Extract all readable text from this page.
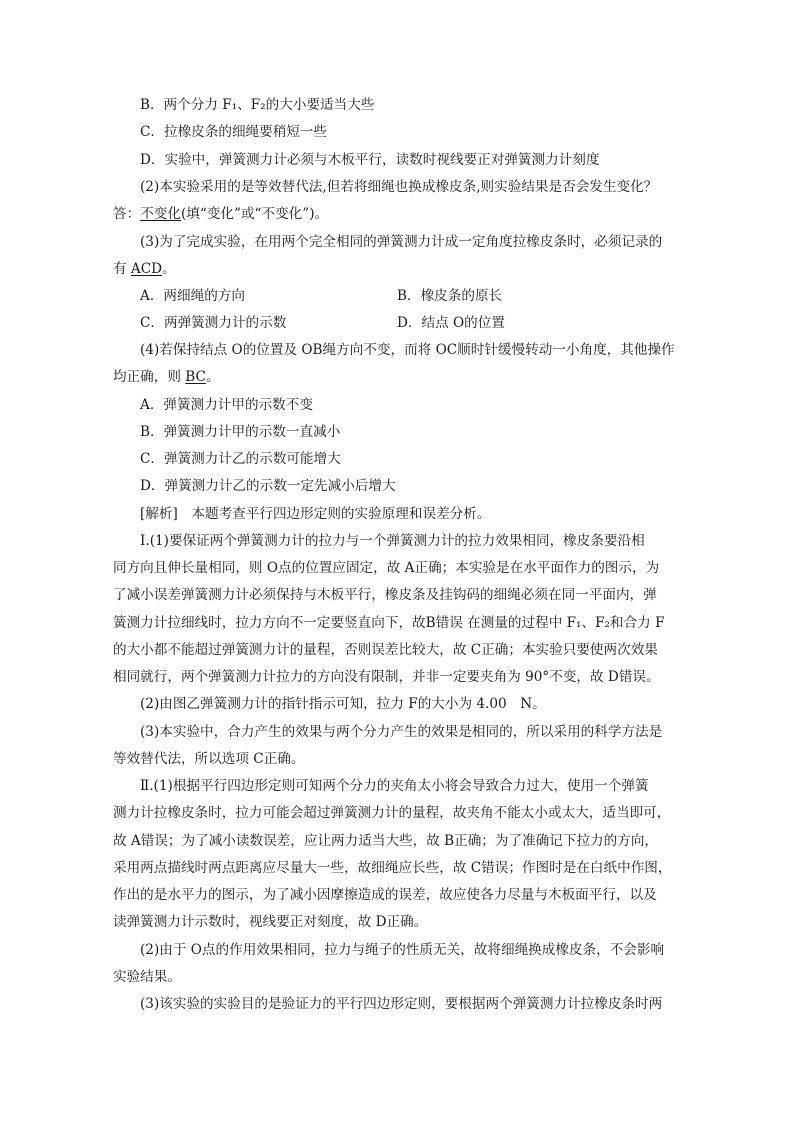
B．两个分力 F₁、F₂的大小要适当大些
C．拉橡皮条的细绳要稍短一些
D．实验中，弹簧测力计必须与木板平行，读数时视线要正对弹簧测力计刻度
(2)本实验采用的是等效替代法,但若将细绳也换成橡皮条,则实验结果是否会发生变化？
答：不变化(填“变化”或“不变化”)。
(3)为了完成实验，在用两个完全相同的弹簧测力计成一定角度拉橡皮条时，必须记录的
有 ACD。
A．两细绳的方向	B．橡皮条的原长
C．两弹簧测力计的示数	D．结点 O的位置
(4)若保持结点 O的位置及 OB绳方向不变，而将 OC顺时针缓慢转动一小角度，其他操作
均正确，则 BC。
A．弹簧测力计甲的示数不变
B．弹簧测力计甲的示数一直减小
C．弹簧测力计乙的示数可能增大
D．弹簧测力计乙的示数一定先减小后增大
[解析]　本题考查平行四边形定则的实验原理和误差分析。
Ⅰ.(1)要保证两个弹簧测力计的拉力与一个弹簧测力计的拉力效果相同，橡皮条要沿相
同方向且伸长量相同，则 O点的位置应固定，故 A正确；本实验是在水平面作力的图示，为
了减小误差弹簧测力计必须保持与木板平行，橡皮条及挂钩码的细绳必须在同一平面内，弹
簧测力计拉细线时，拉力方向不一定要竖直向下，故B错误 在测量的过程中 F₁、F₂和合力 F
的大小都不能超过弹簧测力计的量程，否则误差比较大，故 C正确；本实验只要使两次效果
相同就行，两个弹簧测力计拉力的方向没有限制，并非一定要夹角为 90°不变，故 D错误。
(2)由图乙弹簧测力计的指针指示可知，拉力 F的大小为 4.00　N。
(3)本实验中，合力产生的效果与两个分力产生的效果是相同的，所以采用的科学方法是
等效替代法，所以选项 C正确。
Ⅱ.(1)根据平行四边形定则可知两个分力的夹角太小将会导致合力过大，使用一个弹簧
测力计拉橡皮条时，拉力可能会超过弹簧测力计的量程，故夹角不能太小或太大，适当即可，
故 A错误；为了减小读数误差，应让两力适当大些，故 B正确；为了准确记下拉力的方向，
采用两点描线时两点距离应尽量大一些，故细绳应长些，故 C错误；作图时是在白纸中作图，
作出的是水平力的图示，为了减小因摩擦造成的误差，故应使各力尽量与木板面平行，以及
读弹簧测力计示数时，视线要正对刻度，故 D正确。
(2)由于 O点的作用效果相同，拉力与绳子的性质无关，故将细绳换成橡皮条，不会影响
实验结果。
(3)该实验的实验目的是验证力的平行四边形定则，要根据两个弹簧测力计拉橡皮条时两
